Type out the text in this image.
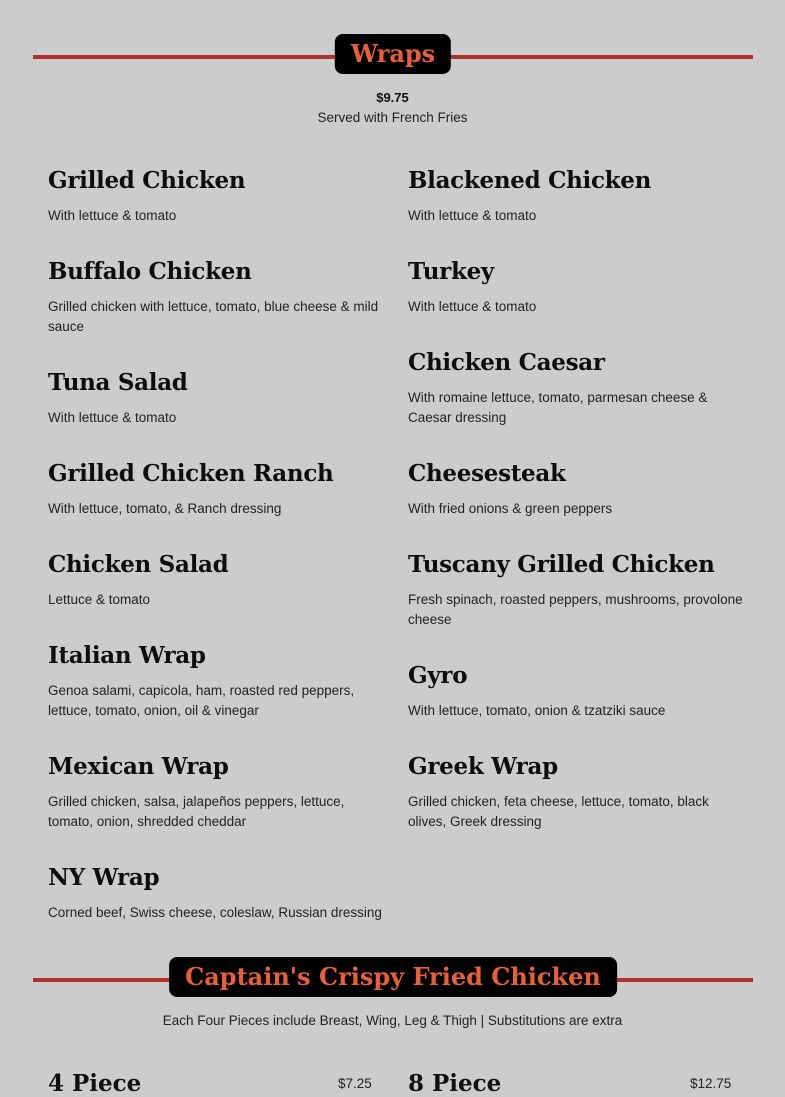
Wraps
$9.75
Served with French Fries
Grilled Chicken
With lettuce & tomato
Buffalo Chicken
Grilled chicken with lettuce, tomato, blue cheese & mild sauce
Tuna Salad
With lettuce & tomato
Grilled Chicken Ranch
With lettuce, tomato, & Ranch dressing
Chicken Salad
Lettuce & tomato
Italian Wrap
Genoa salami, capicola, ham, roasted red peppers, lettuce, tomato, onion, oil & vinegar
Mexican Wrap
Grilled chicken, salsa, jalapeños peppers, lettuce, tomato, onion, shredded cheddar
NY Wrap
Corned beef, Swiss cheese, coleslaw, Russian dressing
Blackened Chicken
With lettuce & tomato
Turkey
With lettuce & tomato
Chicken Caesar
With romaine lettuce, tomato, parmesan cheese & Caesar dressing
Cheesesteak
With fried onions & green peppers
Tuscany Grilled Chicken
Fresh spinach, roasted peppers, mushrooms, provolone cheese
Gyro
With lettuce, tomato, onion & tzatziki sauce
Greek Wrap
Grilled chicken, feta cheese, lettuce, tomato, black olives, Greek dressing
Captain's Crispy Fried Chicken
Each Four Pieces include Breast, Wing, Leg & Thigh | Substitutions are extra
4 Piece	$7.25 8 Piece	$12.75
